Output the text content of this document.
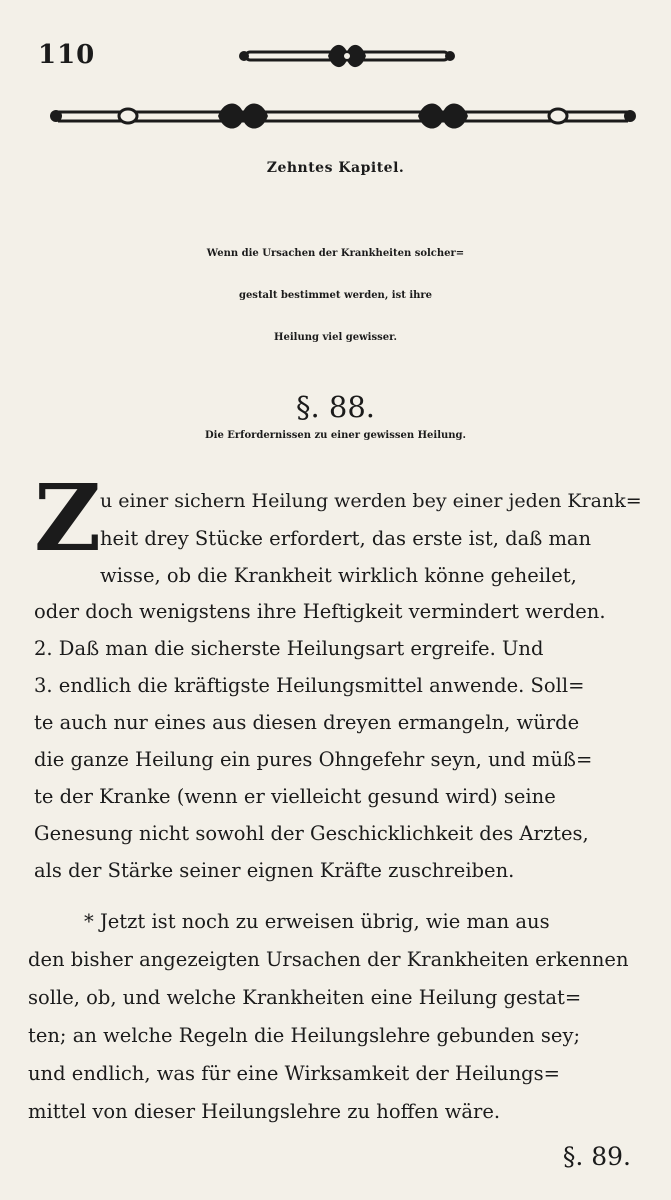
110
Zehntes Kapitel.
Wenn die Ursachen der Krankheiten solcher=
gestalt bestimmet werden, ist ihre
Heilung viel gewisser.
§. 88.
Die Erfordernissen zu einer gewissen Heilung.
Z
u einer sichern Heilung werden bey einer jeden Krank=
heit drey Stücke erfordert, das erste ist, daß man
wisse, ob die Krankheit wirklich könne geheilet,
oder doch wenigstens ihre Heftigkeit vermindert werden.
2. Daß man die sicherste Heilungsart ergreife. Und
3. endlich die kräftigste Heilungsmittel anwende. Soll=
te auch nur eines aus diesen dreyen ermangeln, würde
die ganze Heilung ein pures Ohngefehr seyn, und müß=
te der Kranke (wenn er vielleicht gesund wird) seine
Genesung nicht sowohl der Geschicklichkeit des Arztes,
als der Stärke seiner eignen Kräfte zuschreiben.
* Jetzt ist noch zu erweisen übrig, wie man aus
den bisher angezeigten Ursachen der Krankheiten erkennen
solle, ob, und welche Krankheiten eine Heilung gestat=
ten; an welche Regeln die Heilungslehre gebunden sey;
und endlich, was für eine Wirksamkeit der Heilungs=
mittel von dieser Heilungslehre zu hoffen wäre.
§. 89.
